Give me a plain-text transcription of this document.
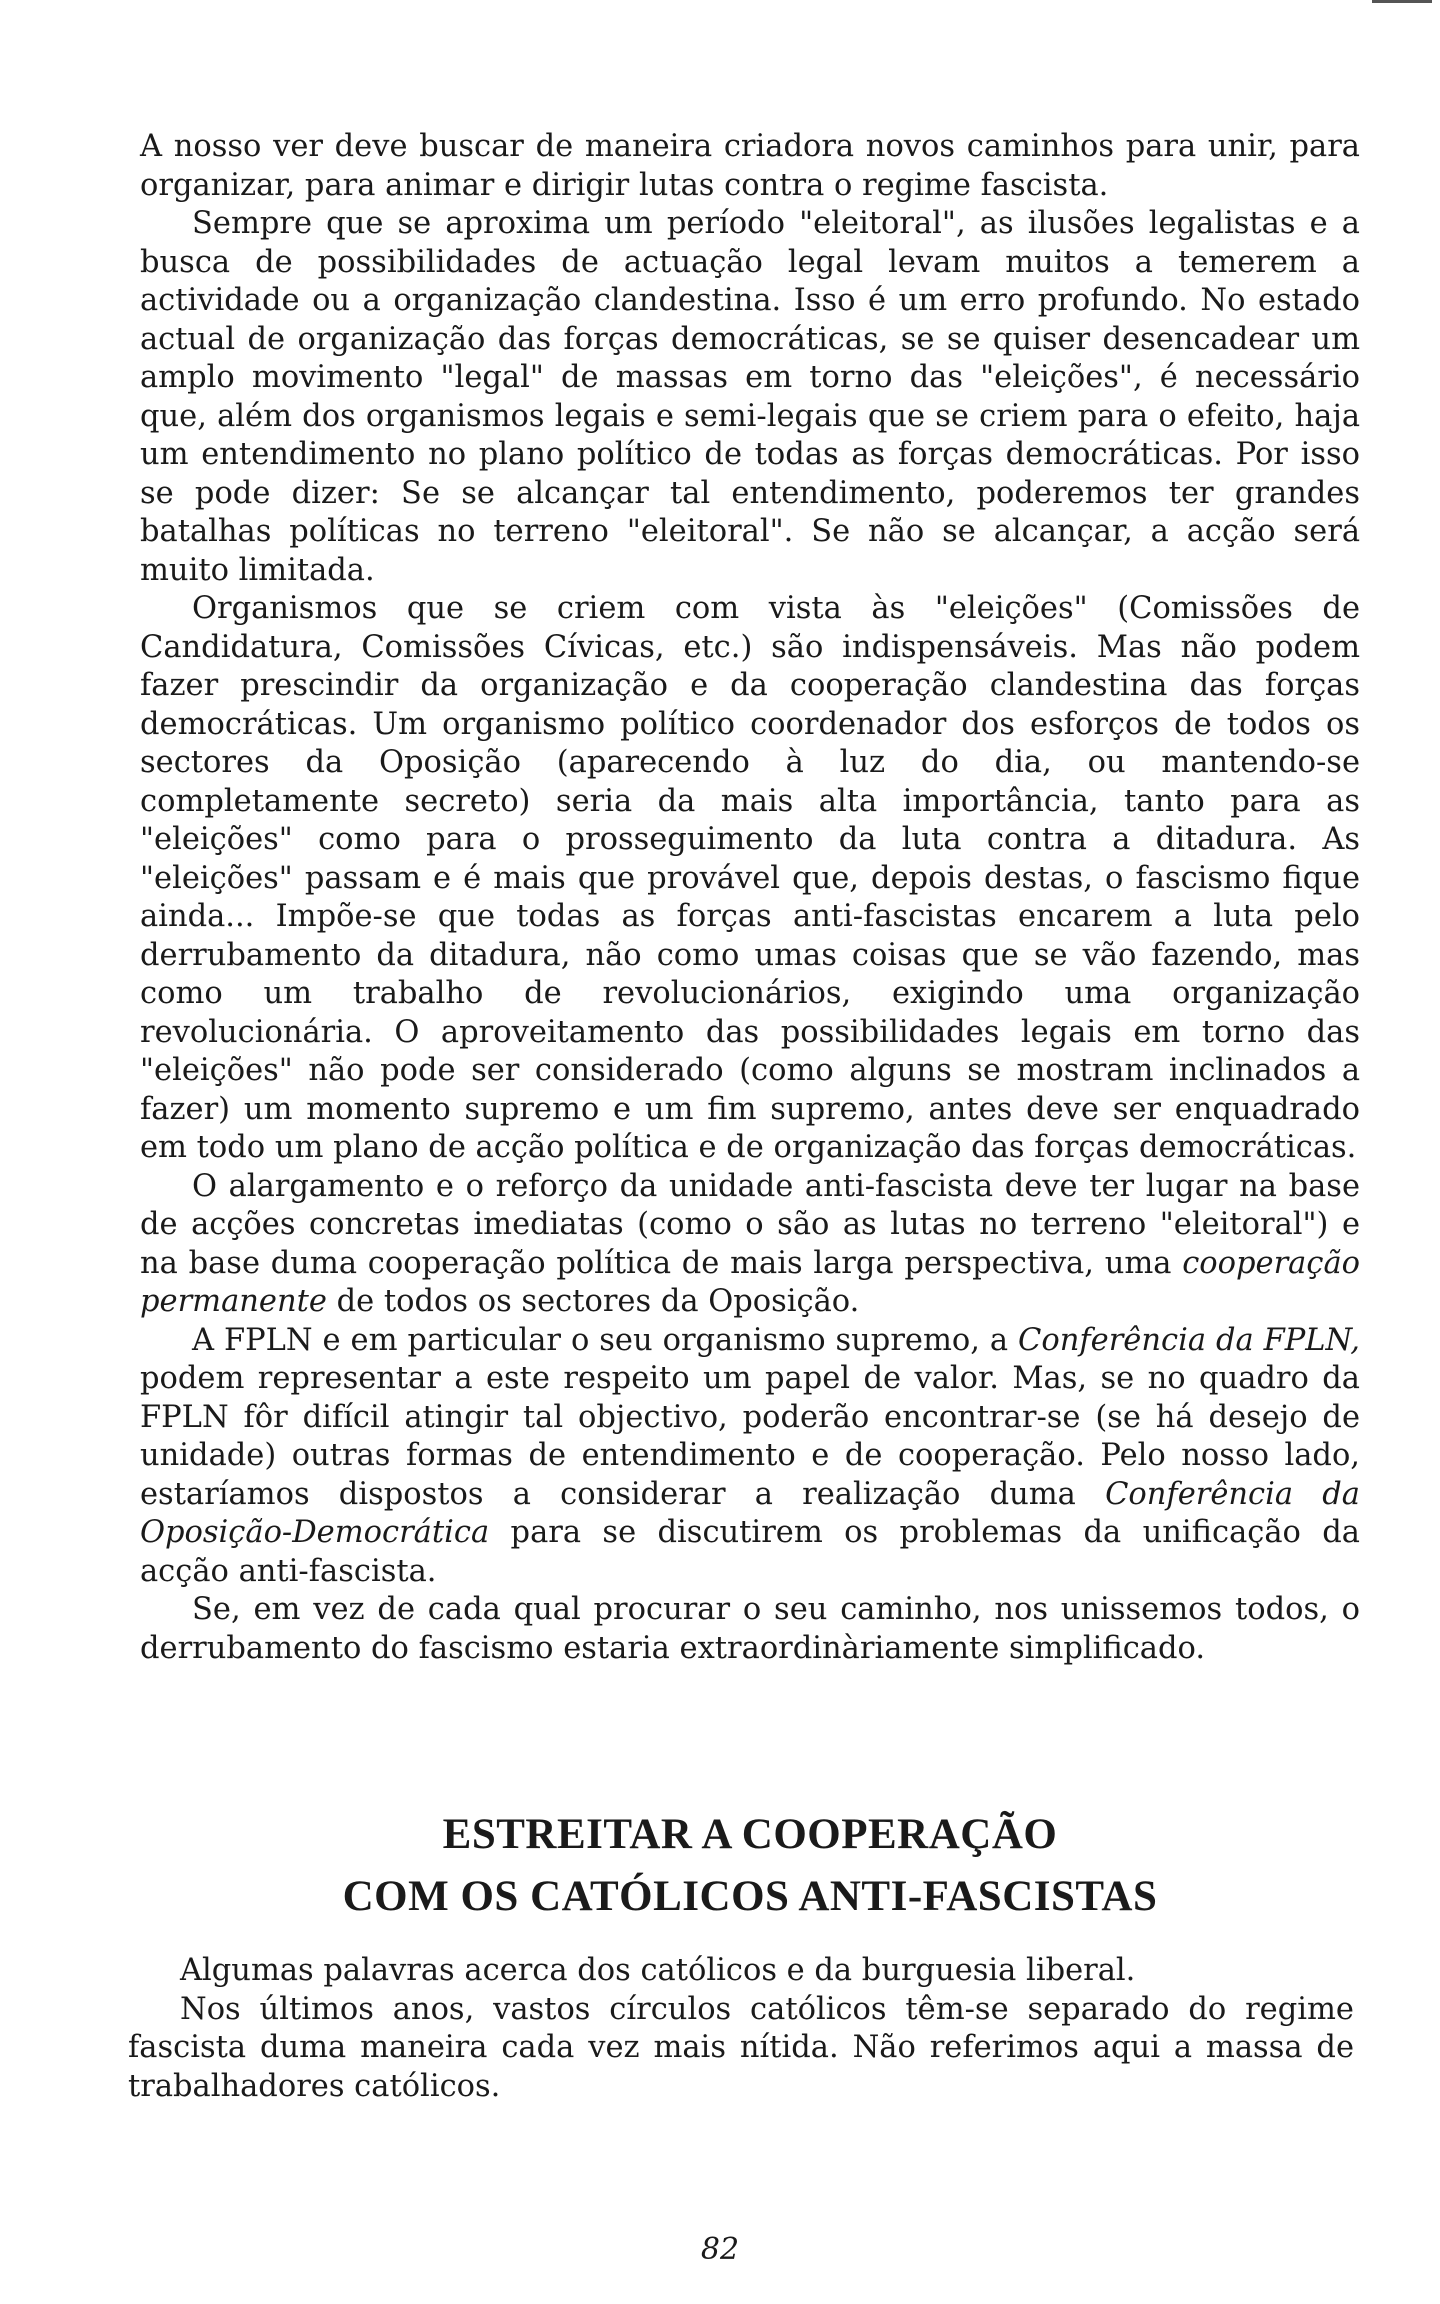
A nosso ver deve buscar de maneira criadora novos caminhos para unir, para organizar, para animar e dirigir lutas contra o regime fascista.

Sempre que se aproxima um período "eleitoral", as ilusões legalistas e a busca de possibilidades de actuação legal levam muitos a temerem a actividade ou a organização clandestina. Isso é um erro profundo. No estado actual de organização das forças democráticas, se se quiser desencadear um amplo movimento "legal" de massas em torno das "eleições", é necessário que, além dos organismos legais e semi-legais que se criem para o efeito, haja um entendimento no plano político de todas as forças democráticas. Por isso se pode dizer: Se se alcançar tal entendimento, poderemos ter grandes batalhas políticas no terreno "eleitoral". Se não se alcançar, a acção será muito limitada.

Organismos que se criem com vista às "eleições" (Comissões de Candidatura, Comissões Cívicas, etc.) são indispensáveis. Mas não podem fazer prescindir da organização e da cooperação clandestina das forças democráticas. Um organismo político coordenador dos esforços de todos os sectores da Oposição (aparecendo à luz do dia, ou mantendo-se completamente secreto) seria da mais alta importância, tanto para as "eleições" como para o prosseguimento da luta contra a ditadura. As "eleições" passam e é mais que provável que, depois destas, o fascismo fique ainda... Impõe-se que todas as forças anti-fascistas encarem a luta pelo derrubamento da ditadura, não como umas coisas que se vão fazendo, mas como um trabalho de revolucionários, exigindo uma organização revolucionária. O aproveitamento das possibilidades legais em torno das "eleições" não pode ser considerado (como alguns se mostram inclinados a fazer) um momento supremo e um fim supremo, antes deve ser enquadrado em todo um plano de acção política e de organização das forças democráticas.

O alargamento e o reforço da unidade anti-fascista deve ter lugar na base de acções concretas imediatas (como o são as lutas no terreno "eleitoral") e na base duma cooperação política de mais larga perspectiva, uma cooperação permanente de todos os sectores da Oposição.

A FPLN e em particular o seu organismo supremo, a Conferência da FPLN, podem representar a este respeito um papel de valor. Mas, se no quadro da FPLN fôr difícil atingir tal objectivo, poderão encontrar-se (se há desejo de unidade) outras formas de entendimento e de cooperação. Pelo nosso lado, estaríamos dispostos a considerar a realização duma Conferência da Oposição-Democrática para se discutirem os problemas da unificação da acção anti-fascista.

Se, em vez de cada qual procurar o seu caminho, nos unissemos todos, o derrubamento do fascismo estaria extraordinàriamente simplificado.

ESTREITAR A COOPERAÇÃO
COM OS CATÓLICOS ANTI-FASCISTAS

Algumas palavras acerca dos católicos e da burguesia liberal.

Nos últimos anos, vastos círculos católicos têm-se separado do regime fascista duma maneira cada vez mais nítida. Não referimos aqui a massa de trabalhadores católicos.

82
